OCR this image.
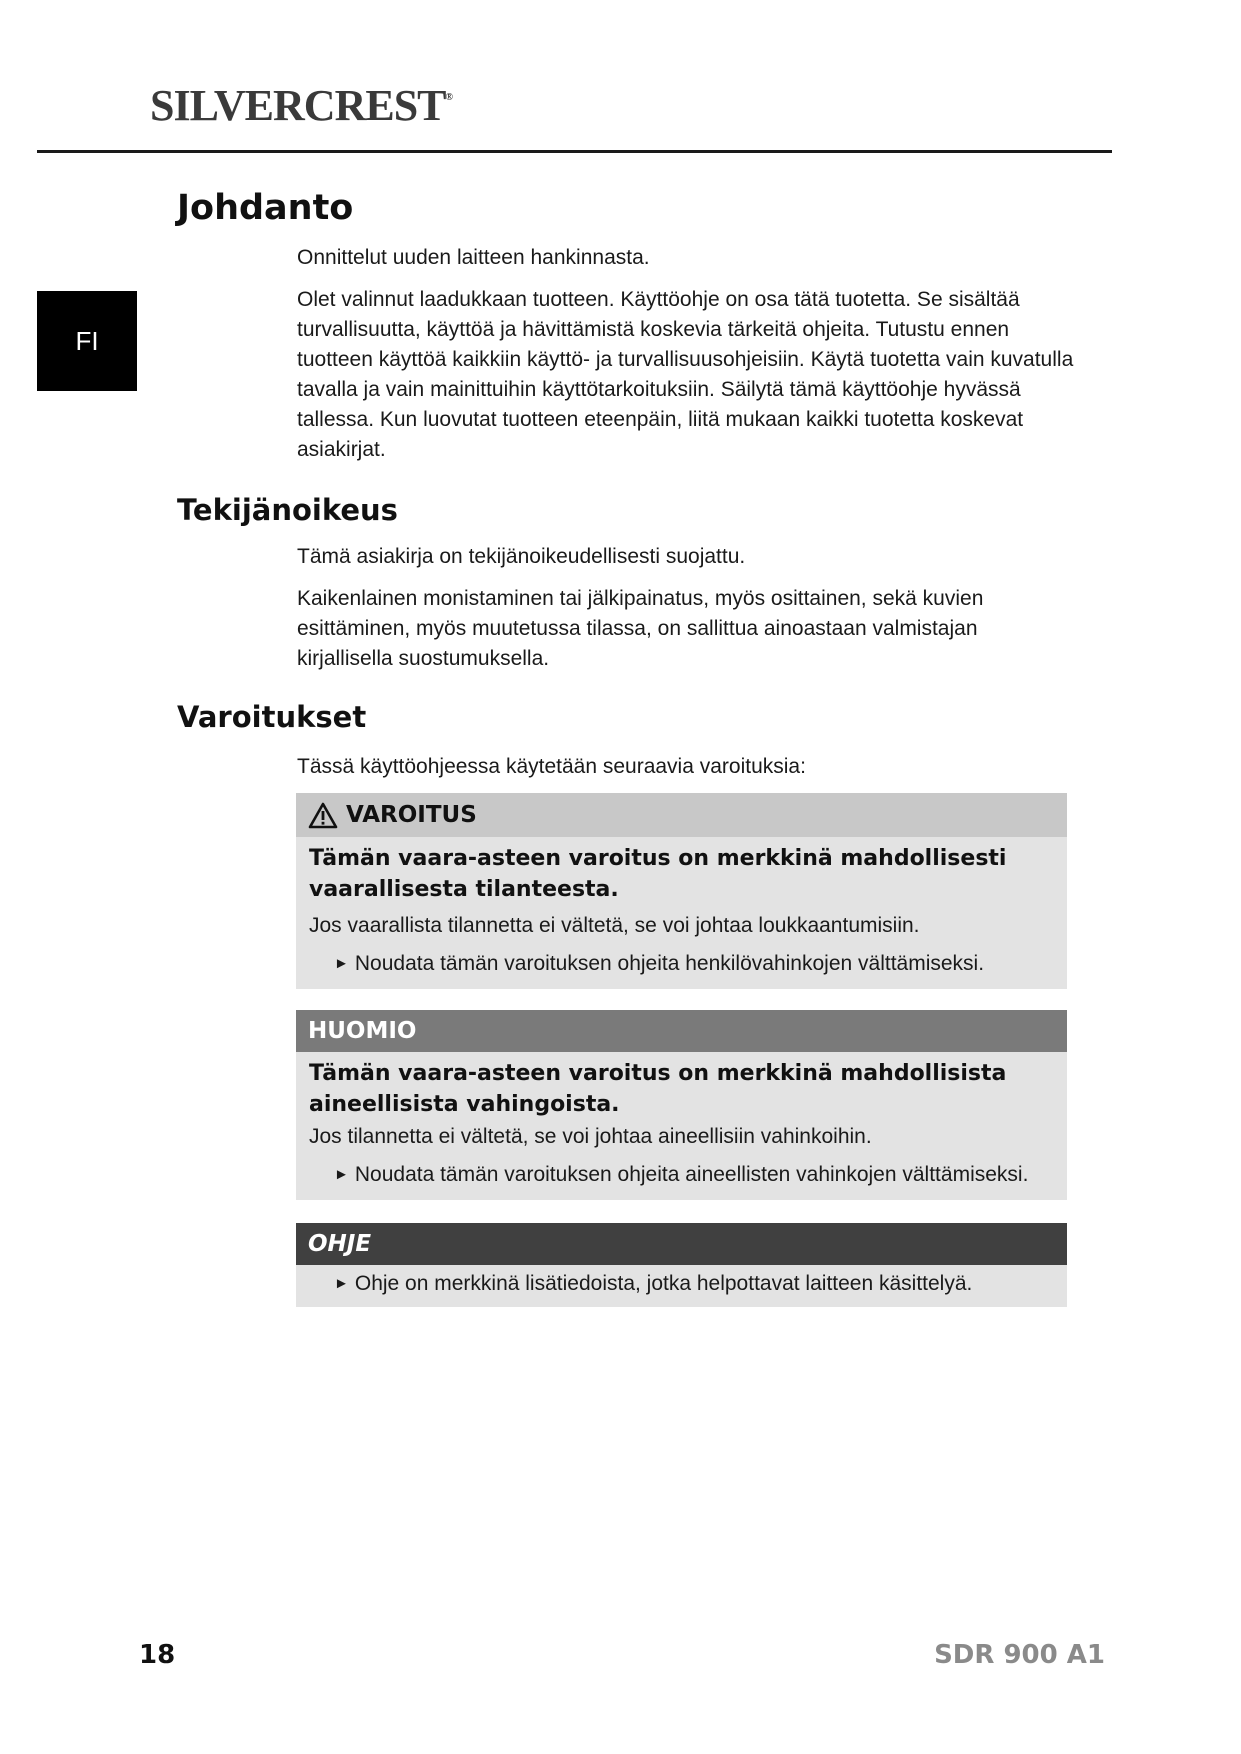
SILVERCREST®
FI
Johdanto

Onnittelut uuden laitteen hankinnasta.

Olet valinnut laadukkaan tuotteen. Käyttöohje on osa tätä tuotetta. Se sisältää turvallisuutta, käyttöä ja hävittämistä koskevia tärkeitä ohjeita. Tutustu ennen tuotteen käyttöä kaikkiin käyttö- ja turvallisuusohjeisiin. Käytä tuotetta vain kuvatulla tavalla ja vain mainittuihin käyttötarkoituksiin. Säilytä tämä käyttöohje hyvässä tallessa. Kun luovutat tuotteen eteenpäin, liitä mukaan kaikki tuotetta koskevat asiakirjat.

Tekijänoikeus

Tämä asiakirja on tekijänoikeudellisesti suojattu.

Kaikenlainen monistaminen tai jälkipainatus, myös osittainen, sekä kuvien esittäminen, myös muutetussa tilassa, on sallittua ainoastaan valmistajan kirjallisella suostumuksella.

Varoitukset

Tässä käyttöohjeessa käytetään seuraavia varoituksia:

VAROITUS
Tämän vaara-asteen varoitus on merkkinä mahdollisesti vaarallisesta tilanteesta.
Jos vaarallista tilannetta ei vältetä, se voi johtaa loukkaantumisiin.
► Noudata tämän varoituksen ohjeita henkilövahinkojen välttämiseksi.
HUOMIO
Tämän vaara-asteen varoitus on merkkinä mahdollisista aineellisista vahingoista.
Jos tilannetta ei vältetä, se voi johtaa aineellisiin vahinkoihin.
► Noudata tämän varoituksen ohjeita aineellisten vahinkojen välttämiseksi.
OHJE
► Ohje on merkkinä lisätiedoista, jotka helpottavat laitteen käsittelyä.
18	SDR 900 A1
